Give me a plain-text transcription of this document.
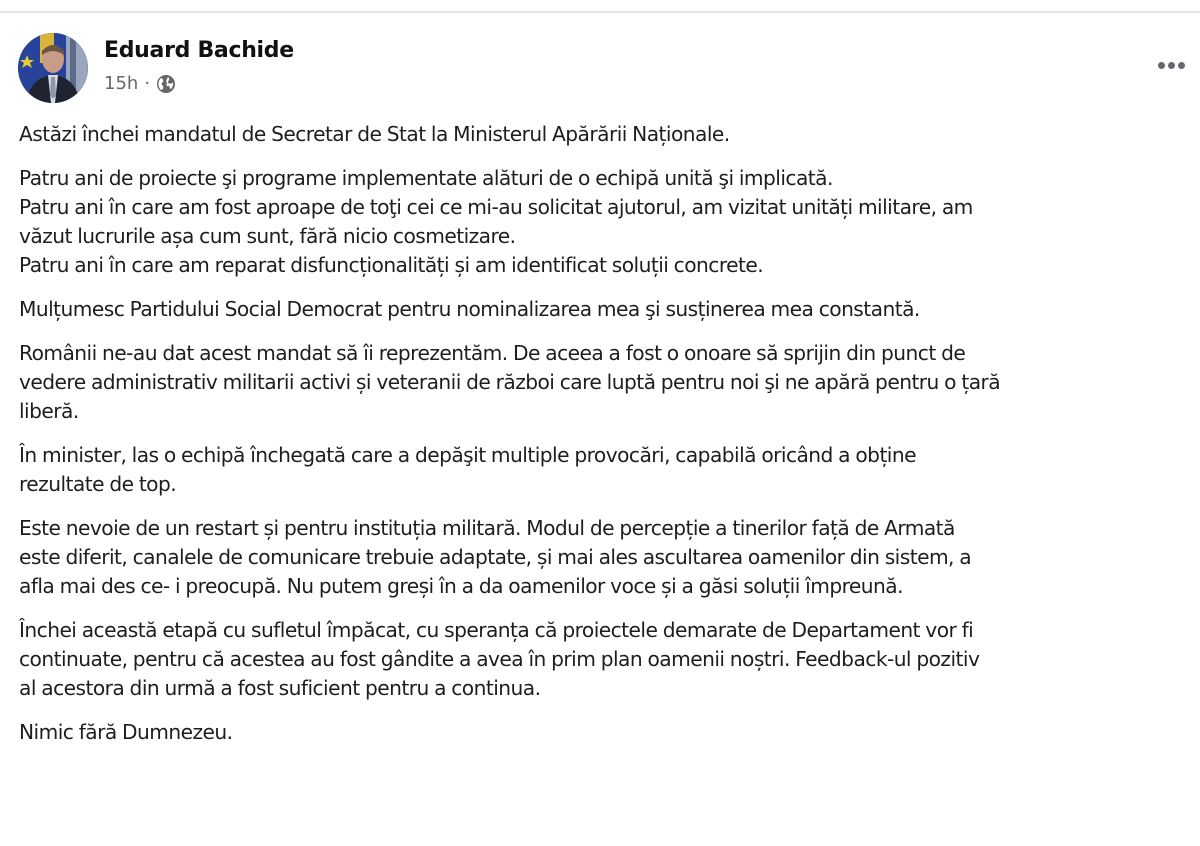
Eduard Bachide
15h ·

Astăzi închei mandatul de Secretar de Stat la Ministerul Apărării Naționale.

Patru ani de proiecte şi programe implementate alături de o echipă unită şi implicată.
Patru ani în care am fost aproape de toţi cei ce mi-au solicitat ajutorul, am vizitat unități militare, am
văzut lucrurile așa cum sunt, fără nicio cosmetizare.
Patru ani în care am reparat disfuncționalități și am identificat soluții concrete.

Mulțumesc Partidului Social Democrat pentru nominalizarea mea şi susținerea mea constantă.

Românii ne-au dat acest mandat să îi reprezentăm. De aceea a fost o onoare să sprijin din punct de
vedere administrativ militarii activi și veteranii de război care luptă pentru noi şi ne apără pentru o țară
liberă.

În minister, las o echipă închegată care a depăşit multiple provocări, capabilă oricând a obține
rezultate de top.

Este nevoie de un restart și pentru instituția militară. Modul de percepție a tinerilor față de Armată
este diferit, canalele de comunicare trebuie adaptate, și mai ales ascultarea oamenilor din sistem, a
afla mai des ce- i preocupă. Nu putem greși în a da oamenilor voce și a găsi soluții împreună.

Închei această etapă cu sufletul împăcat, cu speranța că proiectele demarate de Departament vor fi
continuate, pentru că acestea au fost gândite a avea în prim plan oamenii noștri. Feedback-ul pozitiv
al acestora din urmă a fost suficient pentru a continua.

Nimic fără Dumnezeu.
